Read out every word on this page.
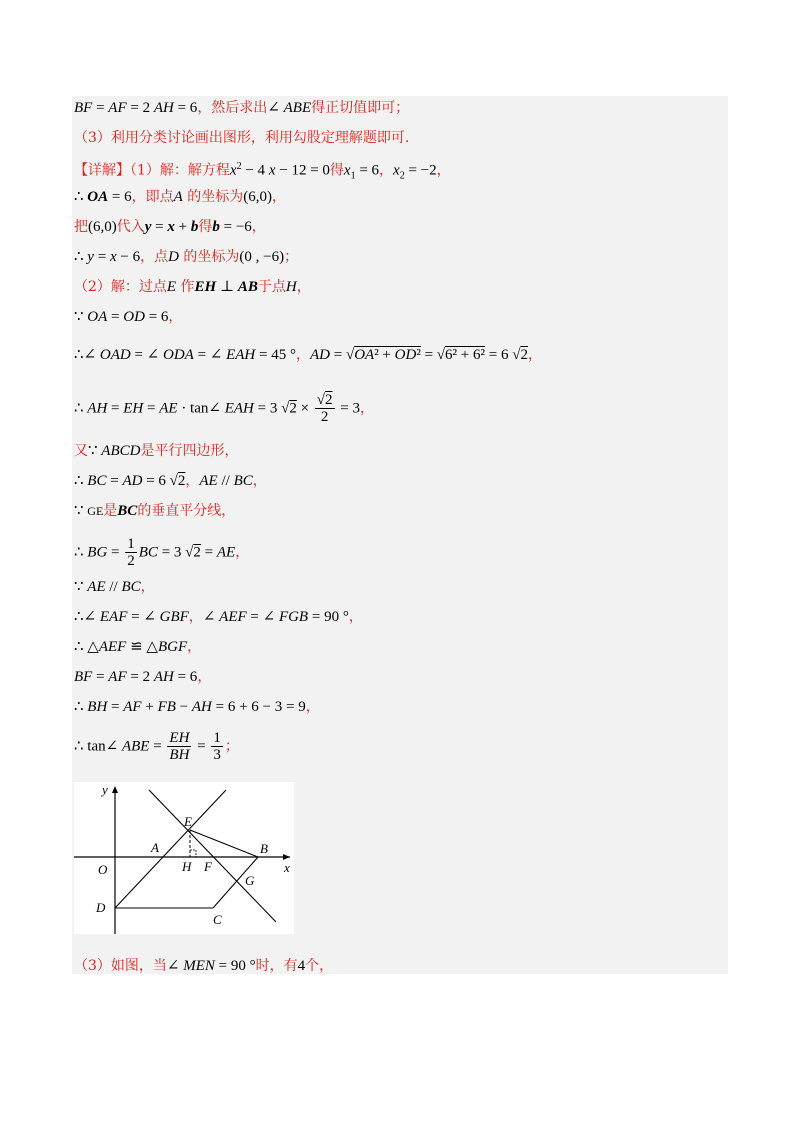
BF = AF = 2 AH = 6，然后求出∠ ABE得正切值即可；
（3）利用分类讨论画出图形，利用勾股定理解题即可.
【详解】（1）解：解方程$x^2 - 4$ x − 12 = 0得$x_1 = 6$，$x_2 = -2$，
∴ OA = 6，即点A 的坐标为(6,0)，
把(6,0)代入y = x + b得b = −6，
∴ y = x − 6，点D 的坐标为(0 , −6)；
（2）解：过点E 作EH ⊥ AB于点H，
∵ OA = OD = 6，
∴∠ OAD = ∠ ODA = ∠ EAH = 45 °，AD = √OA² + OD² = √6² + 6² = 6 √2，
∴ AH = EH = AE · tan∠ EAH = 3 $√2 \times \frac{√2}{2} = 3$，
又∵ ABCD是平行四边形，
∴ BC = AD = 6 √2，AE // BC，
∵ GE是BC的垂直平分线，
∴ BG = $\frac{1}{2}$ BC = 3 √2 = AE，
∵ AE // BC，
∴∠ EAF = ∠ GBF，∠ AEF = ∠ FGB = 90 °，
∴ △AEF ≌ △BGF，
BF = AF = 2 AH = 6，
∴ BH = AF + FB − AH = 6 + 6 − 3 = 9，
∴ tan∠ ABE = $\frac{EH}{BH} = \frac{1}{3}$ ；
y
x
O
A	B
C
D
E
F
G
H
（3）如图，当∠ MEN = 90 °时，有4个，
